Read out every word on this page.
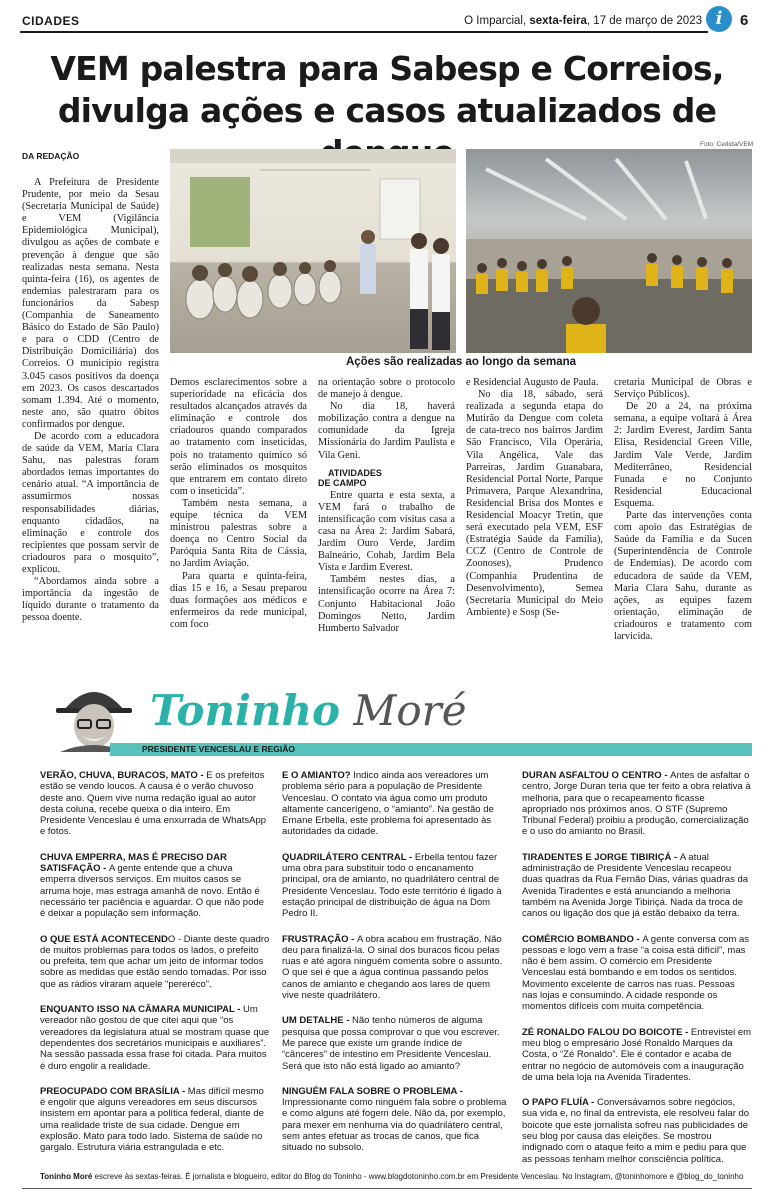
CIDADES	O Imparcial, sexta-feira, 17 de março de 2023 i	6
VEM palestra para Sabesp e Correios,
divulga ações e casos atualizados de
DA REDAÇÃO
Foto: Cedida/VEM
Ações são realizadas ao longo da semana

A Prefeitura de Presidente Prudente, por meio da Sesau (Secretaria Municipal de Saúde) e VEM (Vigilância Epidemiológica Municipal), divulgou as ações de combate e prevenção à dengue que são realizadas nesta semana. Nesta quinta-feira (16), os agentes de endemias palestraram para os funcionários da Sabesp (Companhia de Saneamento Básico do Estado de São Paulo) e para o CDD (Centro de Distribuição Domiciliária) dos Correios. O município registra 3.045 casos positivos da doença em 2023. Os casos descartados somam 1.394. Até o momento, neste ano, são quatro óbitos confirmados por dengue.

De acordo com a educadora de saúde da VEM, Maria Clara Sahu, nas palestras foram abordados temas importantes do cenário atual. “A importância de assumirmos nossas responsabilidades diárias, enquanto cidadãos, na eliminação e controle dos recipientes que possam servir de criadouros para o mosquito”, explicou.

“Abordamos ainda sobre a importância da ingestão de líquido durante o tratamento da pessoa doente.

Demos esclarecimentos sobre a superioridade na eficácia dos resultados alcançados através da eliminação e controle dos criadouros quando comparados ao tratamento com inseticidas, pois no tratamento químico só serão eliminados os mosquitos que entrarem em contato direto com o inseticida”.

Também nesta semana, a equipe técnica da VEM ministrou palestras sobre a doença no Centro Social da Paróquia Santa Rita de Cássia, no Jardim Aviação.

Para quarta e quinta-feira, dias 15 e 16, a Sesau preparou duas formações aos médicos e enfermeiros da rede municipal, com foco

na orientação sobre o protocolo de manejo à dengue.

No dia 18, haverá mobilização contra a dengue na comunidade da Igreja Missionária do Jardim Paulista e Vila Geni.

ATIVIDADES
DE CAMPO

Entre quarta e esta sexta, a VEM fará o trabalho de intensificação com visitas casa a casa na Área 2: Jardim Sabará, Jardim Ouro Verde, Jardim Balneário, Cohab, Jardim Bela Vista e Jardim Everest.

Também nestes dias, a intensificação ocorre na Área 7: Conjunto Habitacional João Domingos Netto, Jardim Humberto Salvador

e Residencial Augusto de Paula.

No dia 18, sábado, será realizada a segunda etapa do Mutirão da Dengue com coleta de cata-treco nos bairros Jardim São Francisco, Vila Operária, Vila Angélica, Vale das Parreiras, Jardim Guanabara, Residencial Portal Norte, Parque Primavera, Parque Alexandrina, Residencial Brisa dos Montes e Residencial Moacyr Tretin, que será executado pela VEM, ESF (Estratégia Saúde da Família), CCZ (Centro de Controle de Zoonoses), Prudenco (Companhia Prudentina de Desenvolvimento), Semea (Secretaria Municipal do Meio Ambiente) e Sosp (Se-

cretaria Municipal de Obras e Serviço Públicos).

De 20 a 24, na próxima semana, a equipe voltará à Área 2: Jardim Everest, Jardim Santa Elisa, Residencial Green Ville, Jardim Vale Verde, Jardim Mediterrâneo, Residencial Funada e no Conjunto Residencial Educacional Esquema.

Parte das intervenções conta com apoio das Estratégias de Saúde da Família e da Sucen (Superintendência de Controle de Endemias). De acordo com educadora de saúde da VEM, Maria Clara Sahu, durante as ações, as equipes fazem orientação, eliminação de criadouros e tratamento com larvicida.

Toninho Moré
PRESIDENTE VENCESLAU E REGIÃO
VERÃO, CHUVA, BURACOS, MATO - E os prefeitos estão se vendo loucos. A causa é o verão chuvoso deste ano. Quem vive numa redação igual ao autor desta coluna, recebe queixa o dia inteiro. Em Presidente Venceslau é uma enxurrada de WhatsApp e fotos.
CHUVA EMPERRA, MAS É PRECISO DAR SATISFAÇÃO - A gente entende que a chuva emperra diversos serviços. Em muitos casos se arruma hoje, mas estraga amanhã de novo. Então é necessário ter paciência e aguardar. O que não pode é deixar a população sem informação.
O QUE ESTÁ ACONTECENDO - Diante deste quadro de muitos problemas para todos os lados, o prefeito ou prefeita, tem que achar um jeito de informar todos sobre as medidas que estão sendo tomadas. Por isso que as rádios viraram aquele “pereréco”.
ENQUANTO ISSO NA CÂMARA MUNICIPAL - Um vereador não gostou de que citei aqui que “os vereadores da legislatura atual se mostram quase que dependentes dos secretários municipais e auxiliares”. Na sessão passada essa frase foi citada. Para muitos é duro engolir a realidade.
PREOCUPADO COM BRASÍLIA - Mas difícil mesmo é engolir que alguns vereadores em seus discursos insistem em apontar para a política federal, diante de uma realidade triste de sua cidade. Dengue em explosão. Mato para todo lado. Sistema de saúde no gargalo. Estrutura viária estrangulada e etc.
E O AMIANTO? Indico ainda aos vereadores um problema sério para a população de Presidente Venceslau. O contato via água como um produto altamente cancerígeno, o “amianto”. Na gestão de Ernane Erbella, este problema foi apresentado às autoridades da cidade.
QUADRILÁTERO CENTRAL - Erbella tentou fazer uma obra para substituir todo o encanamento principal, ora de amianto, no quadrilátero central de Presidente Venceslau. Todo este território é ligado à estação principal de distribuição de água na Dom Pedro II.
FRUSTRAÇÃO - A obra acabou em frustração. Não deu para finalizá-la. O sinal dos buracos ficou pelas ruas e até agora ninguém comenta sobre o assunto. O que sei é que a água continua passando pelos canos de amianto e chegando aos lares de quem vive neste quadrilátero.
UM DETALHE - Não tenho números de alguma pesquisa que possa comprovar o que vou escrever. Me parece que existe um grande índice de “cânceres” de intestino em Presidente Venceslau. Será que isto não está ligado ao amianto?
NINGUÉM FALA SOBRE O PROBLEMA - Impressionante como ninguém fala sobre o problema e como alguns até fogem dele. Não dá, por exemplo, para mexer em nenhuma via do quadrilátero central, sem antes efetuar as trocas de canos, que fica situado no subsolo.
DURAN ASFALTOU O CENTRO - Antes de asfaltar o centro, Jorge Duran teria que ter feito a obra relativa à melhoria, para que o recapeamento ficasse apropriado nos próximos anos. O STF (Supremo Tribunal Federal) proibiu a produção, comercialização e o uso do amianto no Brasil.
TIRADENTES E JORGE TIBIRIÇÁ - A atual administração de Presidente Venceslau recapeou duas quadras da Rua Fernão Dias, várias quadras da Avenida Tiradentes e está anunciando a melhoria também na Avenida Jorge Tibiriçá. Nada da troca de canos ou ligação dos que já estão debaixo da terra.
COMÉRCIO BOMBANDO - A gente conversa com as pessoas e logo vem a frase “a coisa está difícil”, mas não é bem assim. O comércio em Presidente Venceslau está bombando e em todos os sentidos. Movimento excelente de carros nas ruas. Pessoas nas lojas e consumindo. A cidade responde os momentos difíceis com muita competência.
ZÉ RONALDO FALOU DO BOICOTE - Entrevistei em meu blog o empresário José Ronaldo Marques da Costa, o “Zé Ronaldo”. Ele é contador e acaba de entrar no negócio de automóveis com a inauguração de uma bela loja na Avenida Tiradentes.
O PAPO FLUÍA - Conversávamos sobre negócios, sua vida e, no final da entrevista, ele resolveu falar do boicote que este jornalista sofreu nas publicidades de seu blog por causa das eleições. Se mostrou indignado com o ataque feito a mim e pediu para que as pessoas tenham melhor consciência política.
Toninho Moré escreve às sextas-feiras. É jornalista e blogueiro, editor do Blog do Toninho - www.blogdotoninho.com.br em Presidente Venceslau. No Instagram, @toninhomore e @blog_do_toninho
